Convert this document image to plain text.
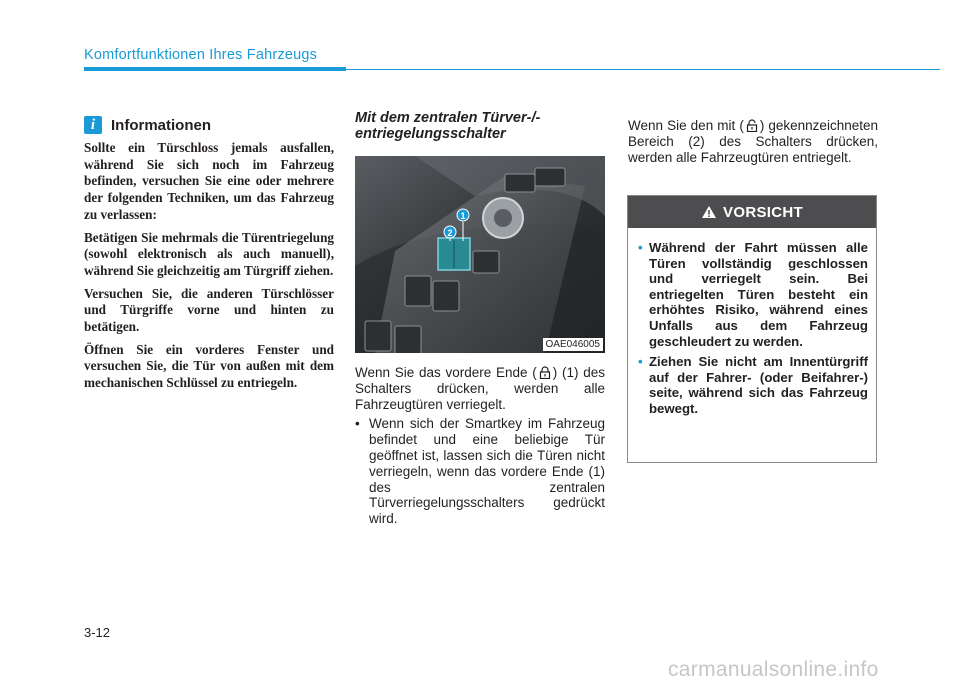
Komfortfunktionen Ihres Fahrzeugs
i	Informationen

Sollte ein Türschloss jemals ausfallen, während Sie sich noch im Fahrzeug befinden, versuchen Sie eine oder mehrere der folgenden Techniken, um das Fahrzeug zu verlassen:

Betätigen Sie mehrmals die Türentriegelung (sowohl elektronisch als auch manuell), während Sie gleichzeitig am Türgriff ziehen.

Versuchen Sie, die anderen Türschlösser und Türgriffe vorne und hinten zu betätigen.

Öffnen Sie ein vorderes Fenster und versuchen Sie, die Tür von außen mit dem mechanischen Schlüssel zu entriegeln.

Mit dem zentralen Türver-/-entriegelungsschalter
2
1
OAE046005

Wenn Sie das vordere Ende ( ) (1) des Schalters drücken, werden alle Fahrzeugtüren verriegelt.

• Wenn sich der Smartkey im Fahrzeug befindet und eine beliebige Tür geöffnet ist, lassen sich die Türen nicht verriegeln, wenn das vordere Ende (1) des zentralen Türverriegelungsschalters gedrückt wird.
Wenn Sie den mit ( ) gekennzeichneten Bereich (2) des Schalters drücken, werden alle Fahrzeugtüren entriegelt.
VORSICHT
• Während der Fahrt müssen alle Türen vollständig geschlossen und verriegelt sein. Bei entriegelten Türen besteht ein erhöhtes Risiko, während eines Unfalls aus dem Fahrzeug geschleudert zu werden.
• Ziehen Sie nicht am Innentürgriff auf der Fahrer- (oder Beifahrer-) seite, während sich das Fahrzeug bewegt.
3-12
carmanualsonline.info
